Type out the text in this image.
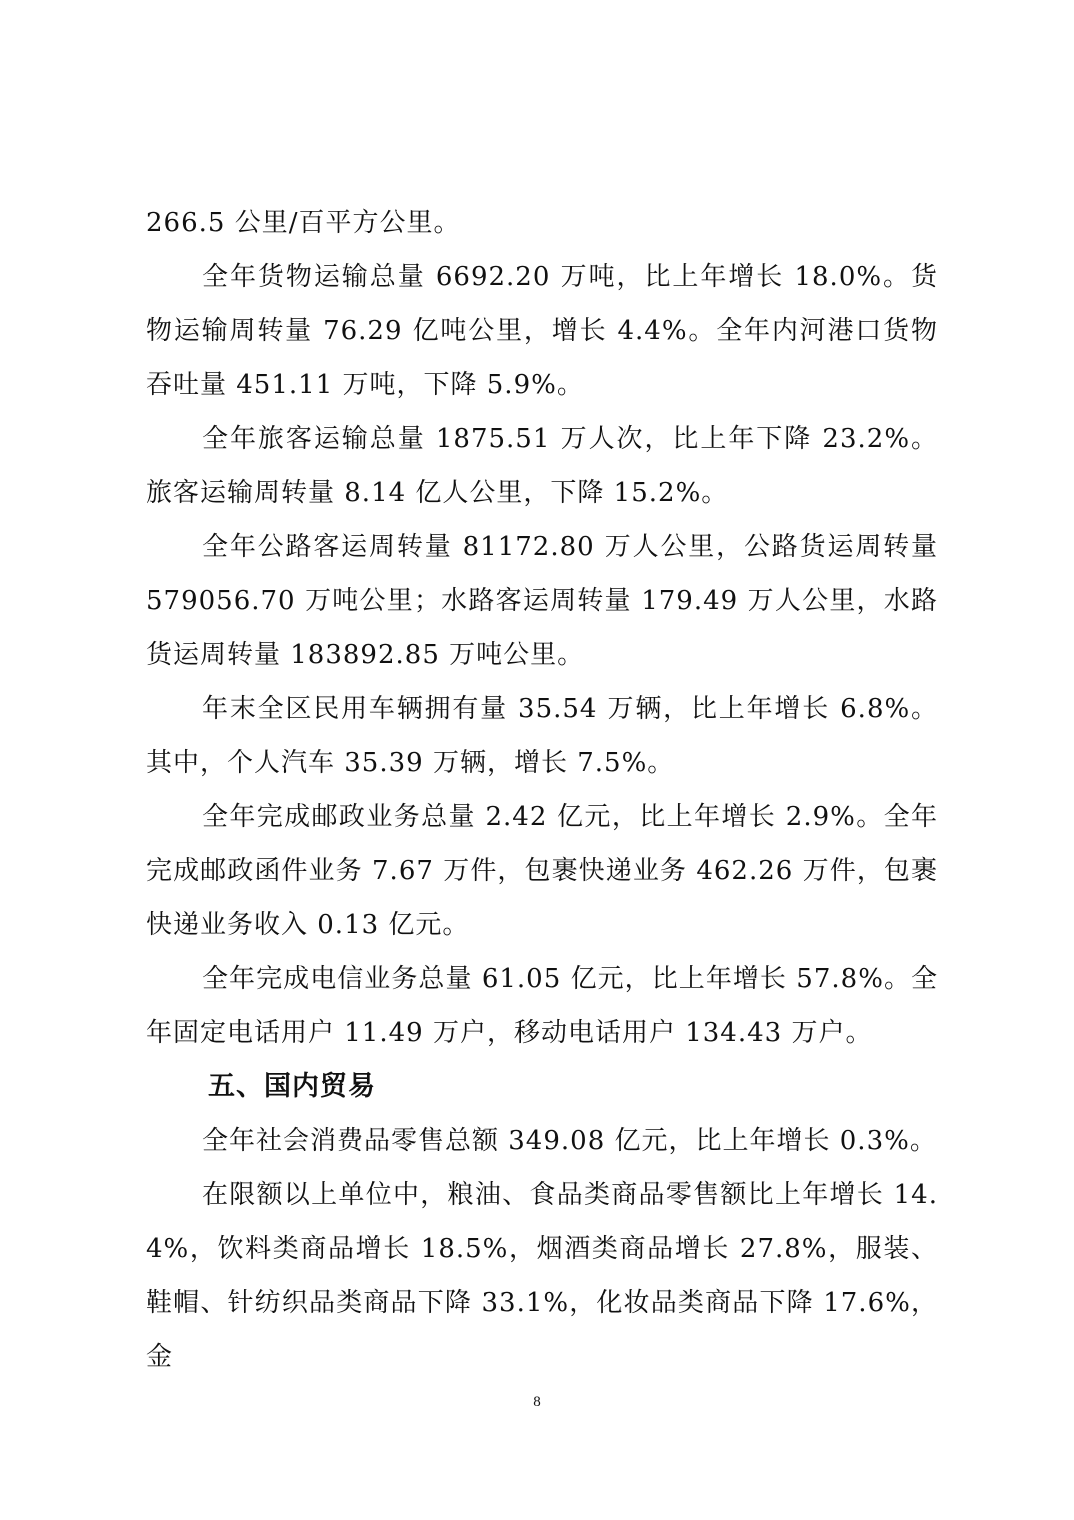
266.5 公里/百平方公里。

全年货物运输总量 6692.20 万吨，比上年增长 18.0%。货物运输周转量 76.29 亿吨公里，增长 4.4%。全年内河港口货物吞吐量 451.11 万吨，下降 5.9%。

全年旅客运输总量 1875.51 万人次，比上年下降 23.2%。旅客运输周转量 8.14 亿人公里，下降 15.2%。

全年公路客运周转量 81172.80 万人公里，公路货运周转量 579056.70 万吨公里；水路客运周转量 179.49 万人公里，水路货运周转量 183892.85 万吨公里。

年末全区民用车辆拥有量 35.54 万辆，比上年增长 6.8%。其中，个人汽车 35.39 万辆，增长 7.5%。

全年完成邮政业务总量 2.42 亿元，比上年增长 2.9%。全年完成邮政函件业务 7.67 万件，包裹快递业务 462.26 万件，包裹快递业务收入 0.13 亿元。

全年完成电信业务总量 61.05 亿元，比上年增长 57.8%。全年固定电话用户 11.49 万户，移动电话用户 134.43 万户。

五、国内贸易

全年社会消费品零售总额 349.08 亿元，比上年增长 0.3%。

在限额以上单位中，粮油、食品类商品零售额比上年增长 14.4%，饮料类商品增长 18.5%，烟酒类商品增长 27.8%，服装、鞋帽、针纺织品类商品下降 33.1%，化妆品类商品下降 17.6%，金

8
